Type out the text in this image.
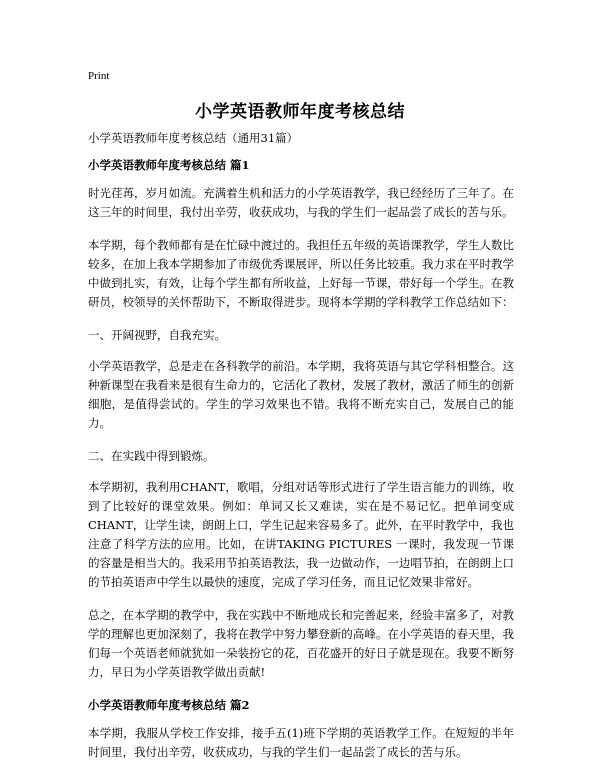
Print
小学英语教师年度考核总结

小学英语教师年度考核总结（通用31篇）

小学英语教师年度考核总结 篇1

时光荏苒，岁月如流。充满着生机和活力的小学英语教学，我已经经历了三年了。在这三年的时间里，我付出辛劳，收获成功，与我的学生们一起品尝了成长的苦与乐。

本学期，每个教师都有是在忙碌中渡过的。我担任五年级的英语课教学，学生人数比较多，在加上我本学期参加了市级优秀课展评，所以任务比较重。我力求在平时教学中做到扎实，有效，让每个学生都有所收益，上好每一节课，带好每一个学生。在教研员，校领导的关怀帮助下，不断取得进步。现将本学期的学科教学工作总结如下：

一、开阔视野，自我充实。

小学英语教学，总是走在各科教学的前沿。本学期，我将英语与其它学科相整合。这种新课型在我看来是很有生命力的，它活化了教材，发展了教材，激活了师生的创新细胞，是值得尝试的。学生的学习效果也不错。我将不断充实自己，发展自己的能力。

二、在实践中得到锻炼。

本学期初，我利用CHANT，歌唱，分组对话等形式进行了学生语言能力的训练，收到了比较好的课堂效果。例如：单词又长又难读，实在是不易记忆。把单词变成CHANT，让学生读，朗朗上口，学生记起来容易多了。此外，在平时教学中，我也注意了科学方法的应用。比如，在讲TAKING PICTURES 一课时，我发现一节课的容量是相当大的。我采用节拍英语教法，我一边做动作，一边唱节拍，在朗朗上口的节拍英语声中学生以最快的速度，完成了学习任务，而且记忆效果非常好。

总之，在本学期的教学中，我在实践中不断地成长和完善起来，经验丰富多了，对教学的理解也更加深刻了，我将在教学中努力攀登新的高峰。在小学英语的春天里，我们每一个英语老师就犹如一朵装扮它的花，百花盛开的好日子就是现在。我要不断努力，早日为小学英语教学做出贡献!

小学英语教师年度考核总结 篇2

本学期，我服从学校工作安排，接手五(1)班下学期的英语教学工作。在短短的半年时间里，我付出辛劳，收获成功，与我的学生们一起品尝了成长的苦与乐。
